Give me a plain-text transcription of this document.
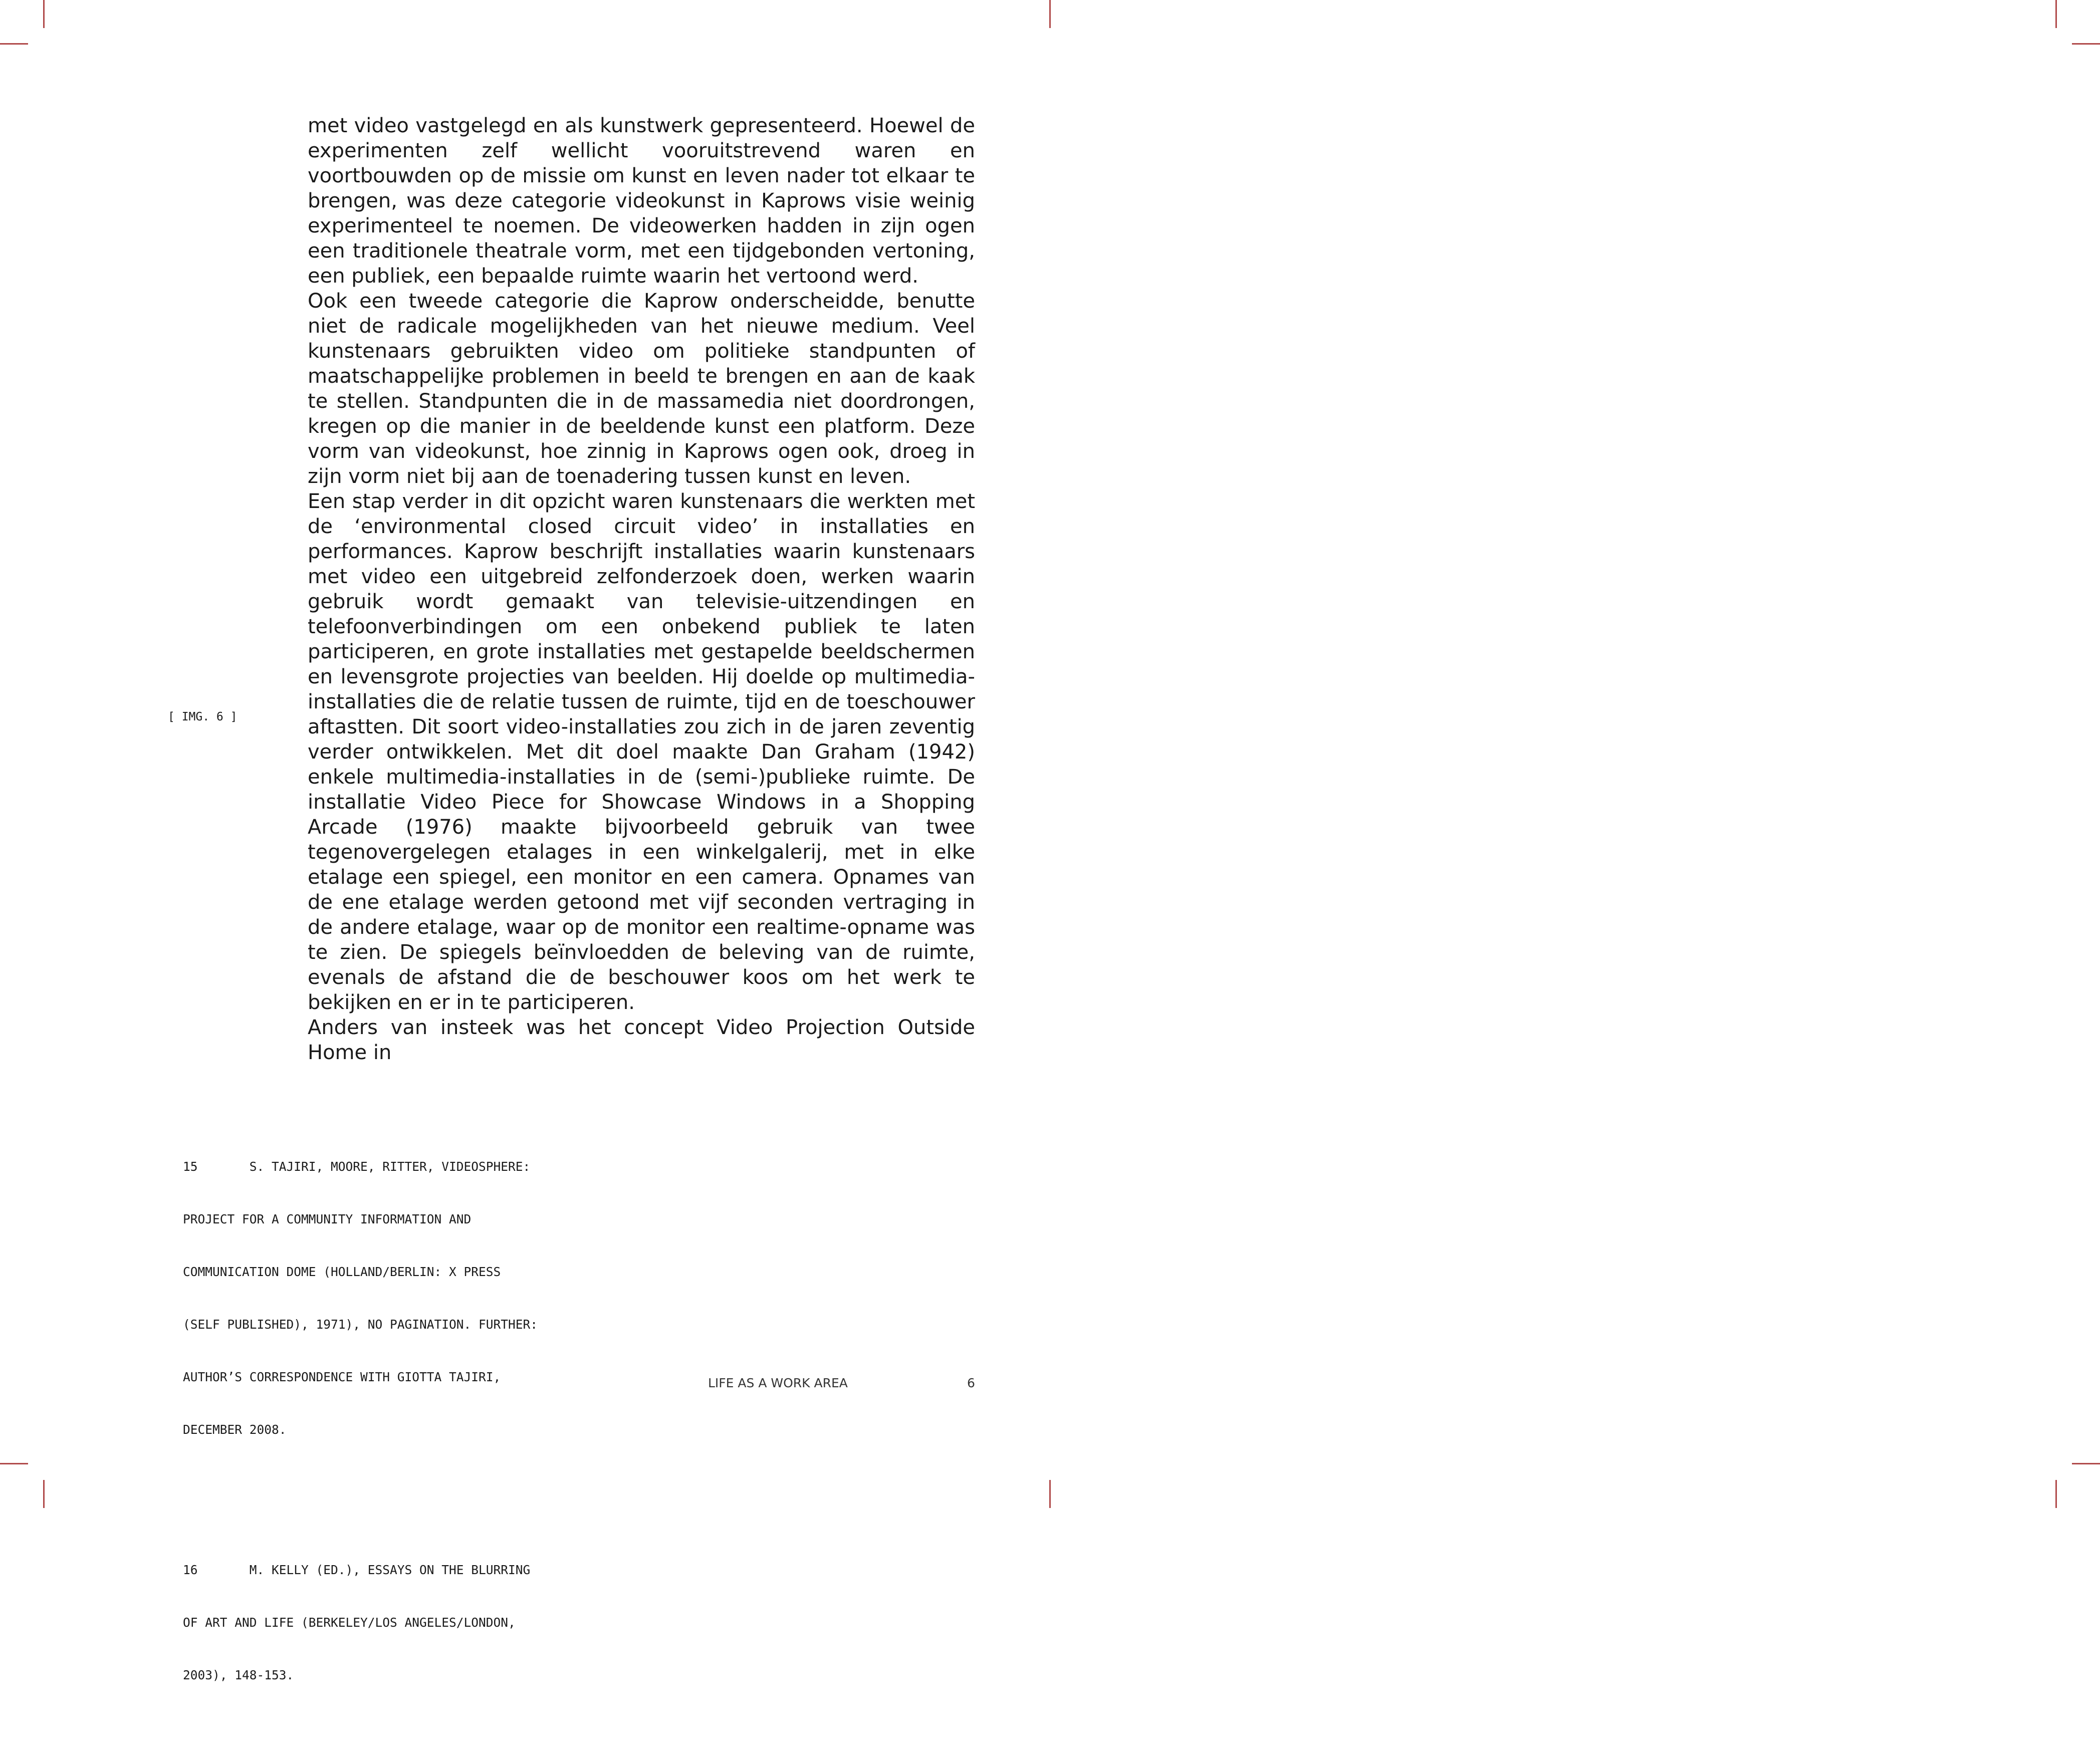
met video vastgelegd en als kunstwerk gepresenteerd. Hoewel de experimenten zelf wellicht vooruitstrevend waren en voortbouwden op de missie om kunst en leven nader tot elkaar te brengen, was deze categorie videokunst in Kaprows visie weinig experimenteel te noemen. De videowerken hadden in zijn ogen een traditionele theatrale vorm, met een tijdgebonden vertoning, een publiek, een bepaalde ruimte waarin het vertoond werd.

Ook een tweede categorie die Kaprow onderscheidde, benutte niet de radicale mogelijkheden van het nieuwe medium. Veel kunstenaars gebruikten video om politieke standpunten of maatschappelijke problemen in beeld te brengen en aan de kaak te stellen. Standpunten die in de massamedia niet doordrongen, kregen op die manier in de beeldende kunst een platform. Deze vorm van videokunst, hoe zinnig in Kaprows ogen ook, droeg in zijn vorm niet bij aan de toenadering tussen kunst en leven.

Een stap verder in dit opzicht waren kunstenaars die werkten met de ‘environmental closed circuit video’ in installaties en performances. Kaprow beschrijft installaties waarin kunstenaars met video een uitgebreid zelfonderzoek doen, werken waarin gebruik wordt gemaakt van televisie-uitzendingen en telefoonverbindingen om een onbekend publiek te laten participeren, en grote installaties met gestapelde beeldschermen en levensgrote projecties van beelden. Hij doelde op multimedia-installaties die de relatie tussen de ruimte, tijd en de toeschouwer aftastten. Dit soort video-installaties zou zich in de jaren zeventig verder ontwikkelen. Met dit doel maakte Dan Graham (1942) enkele multimedia-installaties in de (semi-)publieke ruimte. De installatie Video Piece for Showcase Windows in a Shopping Arcade (1976) maakte bijvoorbeeld gebruik van twee tegenovergelegen etalages in een winkelgalerij, met in elke etalage een spiegel, een monitor en een camera. Opnames van de ene etalage werden getoond met vijf seconden vertraging in de andere etalage, waar op de monitor een realtime-opname was te zien. De spiegels beïnvloedden de beleving van de ruimte, evenals de afstand die de beschouwer koos om het werk te bekijken en er in te participeren.

Anders van insteek was het concept Video Projection Outside Home in

[ IMG. 6 ]

15       S. TAJIRI, MOORE, RITTER, VIDEOSPHERE:

PROJECT FOR A COMMUNITY INFORMATION AND

COMMUNICATION DOME (HOLLAND/BERLIN: X PRESS

(SELF PUBLISHED), 1971), NO PAGINATION. FURTHER:

AUTHOR’S CORRESPONDENCE WITH GIOTTA TAJIRI,

DECEMBER 2008.

16       M. KELLY (ED.), ESSAYS ON THE BLURRING

OF ART AND LIFE (BERKELEY/LOS ANGELES/LONDON,

2003), 148-153.

LIFE AS A WORK AREA	6
